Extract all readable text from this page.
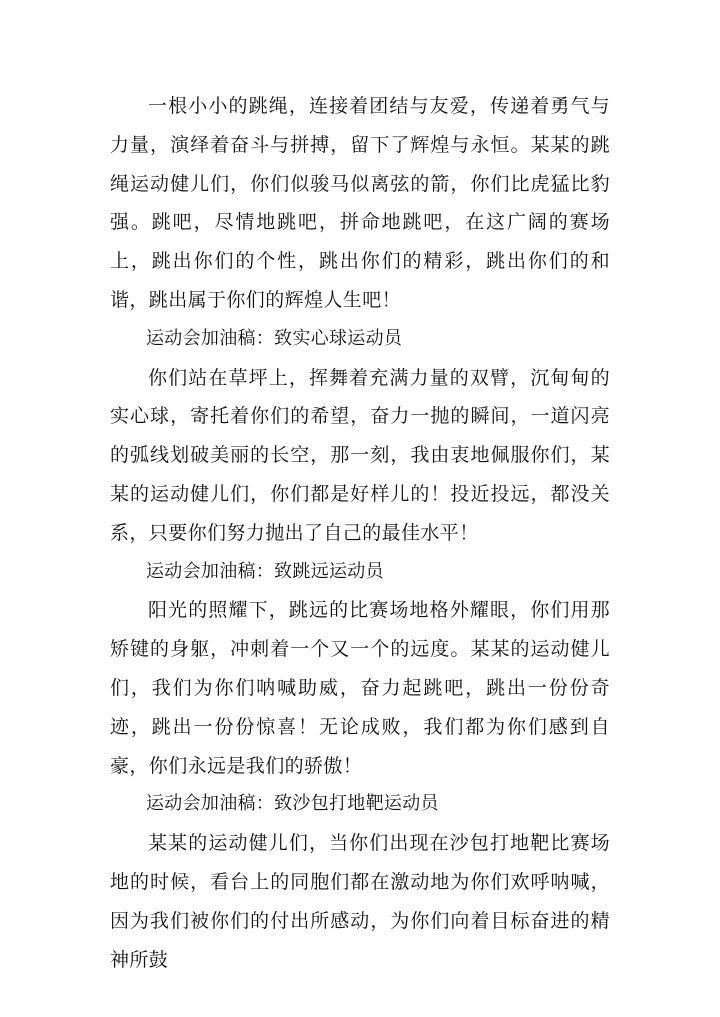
一根小小的跳绳，连接着团结与友爱，传递着勇气与力量，演绎着奋斗与拼搏，留下了辉煌与永恒。某某的跳绳运动健儿们，你们似骏马似离弦的箭，你们比虎猛比豹强。跳吧，尽情地跳吧，拼命地跳吧，在这广阔的赛场上，跳出你们的个性，跳出你们的精彩，跳出你们的和谐，跳出属于你们的辉煌人生吧！

运动会加油稿：致实心球运动员

你们站在草坪上，挥舞着充满力量的双臂，沉甸甸的实心球，寄托着你们的希望，奋力一抛的瞬间，一道闪亮的弧线划破美丽的长空，那一刻，我由衷地佩服你们，某某的运动健儿们，你们都是好样儿的！投近投远，都没关系，只要你们努力抛出了自己的最佳水平！

运动会加油稿：致跳远运动员

阳光的照耀下，跳远的比赛场地格外耀眼，你们用那矫键的身躯，冲刺着一个又一个的远度。某某的运动健儿们，我们为你们呐喊助威，奋力起跳吧，跳出一份份奇迹，跳出一份份惊喜！无论成败，我们都为你们感到自豪，你们永远是我们的骄傲！

运动会加油稿：致沙包打地靶运动员

某某的运动健儿们，当你们出现在沙包打地靶比赛场地的时候，看台上的同胞们都在激动地为你们欢呼呐喊，因为我们被你们的付出所感动，为你们向着目标奋进的精神所鼓
